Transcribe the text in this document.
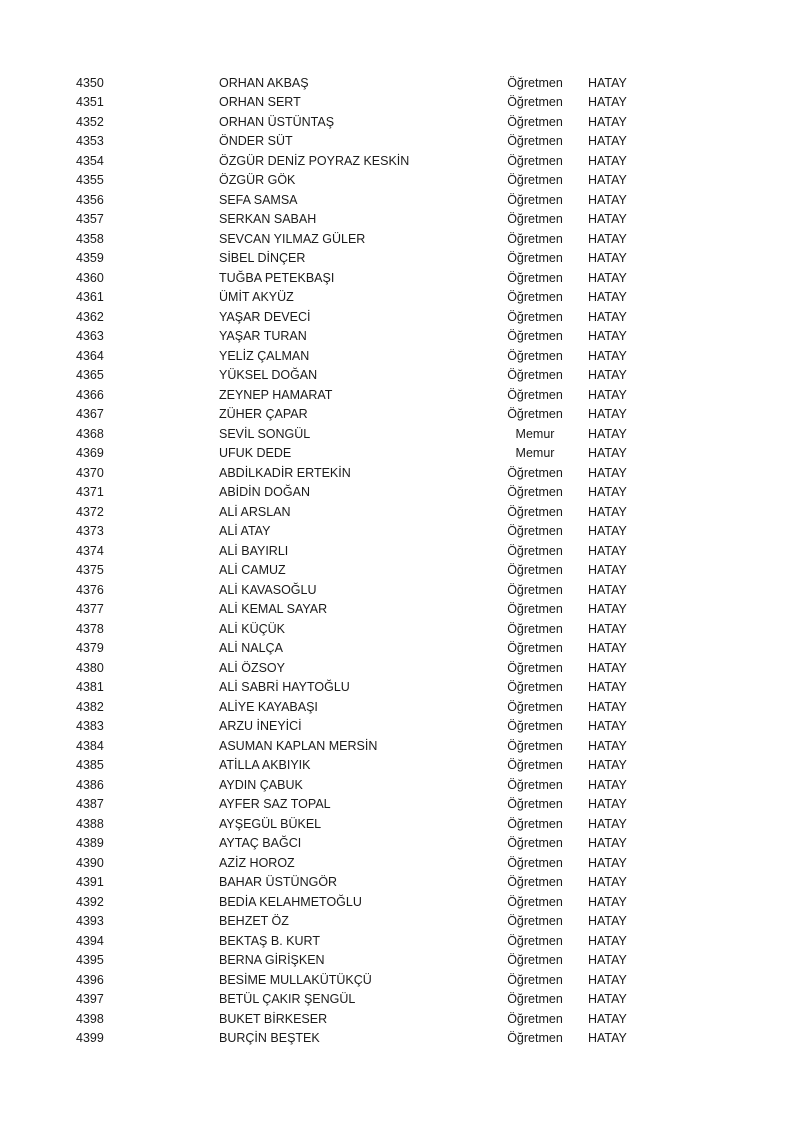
4350	ORHAN AKBAŞ	Öğretmen	HATAY
4351	ORHAN SERT	Öğretmen	HATAY
4352	ORHAN ÜSTÜNTAŞ	Öğretmen	HATAY
4353	ÖNDER SÜT	Öğretmen	HATAY
4354	ÖZGÜR DENİZ POYRAZ KESKİN	Öğretmen	HATAY
4355	ÖZGÜR GÖK	Öğretmen	HATAY
4356	SEFA SAMSA	Öğretmen	HATAY
4357	SERKAN SABAH	Öğretmen	HATAY
4358	SEVCAN YILMAZ GÜLER	Öğretmen	HATAY
4359	SİBEL DİNÇER	Öğretmen	HATAY
4360	TUĞBA PETEKBAŞI	Öğretmen	HATAY
4361	ÜMİT AKYÜZ	Öğretmen	HATAY
4362	YAŞAR DEVECİ	Öğretmen	HATAY
4363	YAŞAR TURAN	Öğretmen	HATAY
4364	YELİZ ÇALMAN	Öğretmen	HATAY
4365	YÜKSEL DOĞAN	Öğretmen	HATAY
4366	ZEYNEP HAMARAT	Öğretmen	HATAY
4367	ZÜHER ÇAPAR	Öğretmen	HATAY
4368	SEVİL SONGÜL	Memur	HATAY
4369	UFUK DEDE	Memur	HATAY
4370	ABDİLKADİR ERTEKİN	Öğretmen	HATAY
4371	ABİDİN DOĞAN	Öğretmen	HATAY
4372	ALİ ARSLAN	Öğretmen	HATAY
4373	ALİ ATAY	Öğretmen	HATAY
4374	ALİ BAYIRLI	Öğretmen	HATAY
4375	ALİ CAMUZ	Öğretmen	HATAY
4376	ALİ KAVASOĞLU	Öğretmen	HATAY
4377	ALİ KEMAL SAYAR	Öğretmen	HATAY
4378	ALİ KÜÇÜK	Öğretmen	HATAY
4379	ALİ NALÇA	Öğretmen	HATAY
4380	ALİ ÖZSOY	Öğretmen	HATAY
4381	ALİ SABRİ HAYTOĞLU	Öğretmen	HATAY
4382	ALİYE KAYABAŞI	Öğretmen	HATAY
4383	ARZU İNEYİCİ	Öğretmen	HATAY
4384	ASUMAN KAPLAN MERSİN	Öğretmen	HATAY
4385	ATİLLA AKBIYIK	Öğretmen	HATAY
4386	AYDIN ÇABUK	Öğretmen	HATAY
4387	AYFER SAZ TOPAL	Öğretmen	HATAY
4388	AYŞEGÜL BÜKEL	Öğretmen	HATAY
4389	AYTAÇ BAĞCI	Öğretmen	HATAY
4390	AZİZ HOROZ	Öğretmen	HATAY
4391	BAHAR ÜSTÜNGÖR	Öğretmen	HATAY
4392	BEDİA KELAHMETOĞLU	Öğretmen	HATAY
4393	BEHZET ÖZ	Öğretmen	HATAY
4394	BEKTAŞ B. KURT	Öğretmen	HATAY
4395	BERNA GİRİŞKEN	Öğretmen	HATAY
4396	BESİME MULLAKÜTÜKÇÜ	Öğretmen	HATAY
4397	BETÜL ÇAKIR ŞENGÜL	Öğretmen	HATAY
4398	BUKET BİRKESER	Öğretmen	HATAY
4399	BURÇİN BEŞTEK	Öğretmen	HATAY
